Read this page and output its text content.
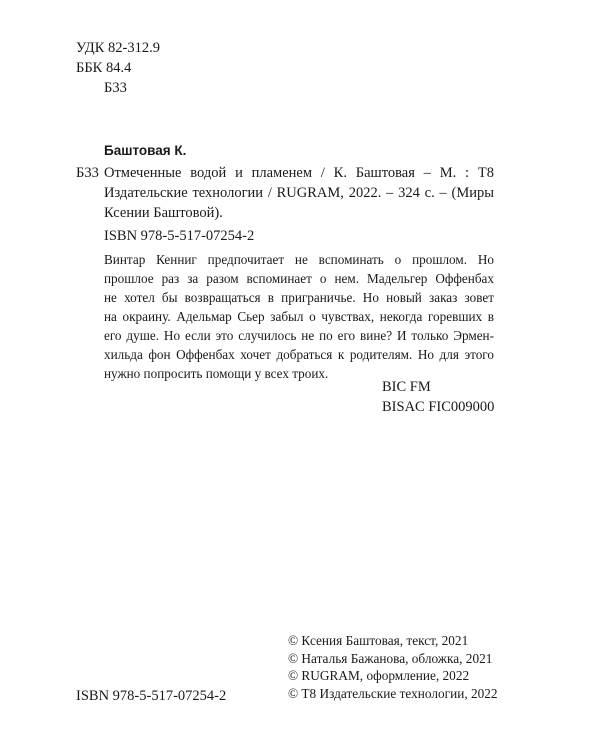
УДК 82-312.9
ББК 84.4
Б33
Баштовая К.
Б33 Отмеченные водой и пламенем / К. Баштовая – М. : Т8
Издательские технологии / RUGRAM, 2022. – 324 с. – (Миры
Ксении Баштовой).
ISBN 978-5-517-07254-2
Винтар Кенниг предпочитает не вспоминать о прошлом. Но
прошлое раз за разом вспоминает о нем. Мадельгер Оффенбах
не хотел бы возвращаться в приграничье. Но новый заказ зовет
на окраину. Адельмар Сьер забыл о чувствах, некогда горевших в
его душе. Но если это случилось не по его вине? И только Эрмен-
хильда фон Оффенбах хочет добраться к родителям. Но для этого
нужно попросить помощи у всех троих.
BIC FM
BISAC FIC009000
ISBN 978-5-517-07254-2
© Ксения Баштовая, текст, 2021
© Наталья Бажанова, обложка, 2021
© RUGRAM, оформление, 2022
© Т8 Издательские технологии, 2022
